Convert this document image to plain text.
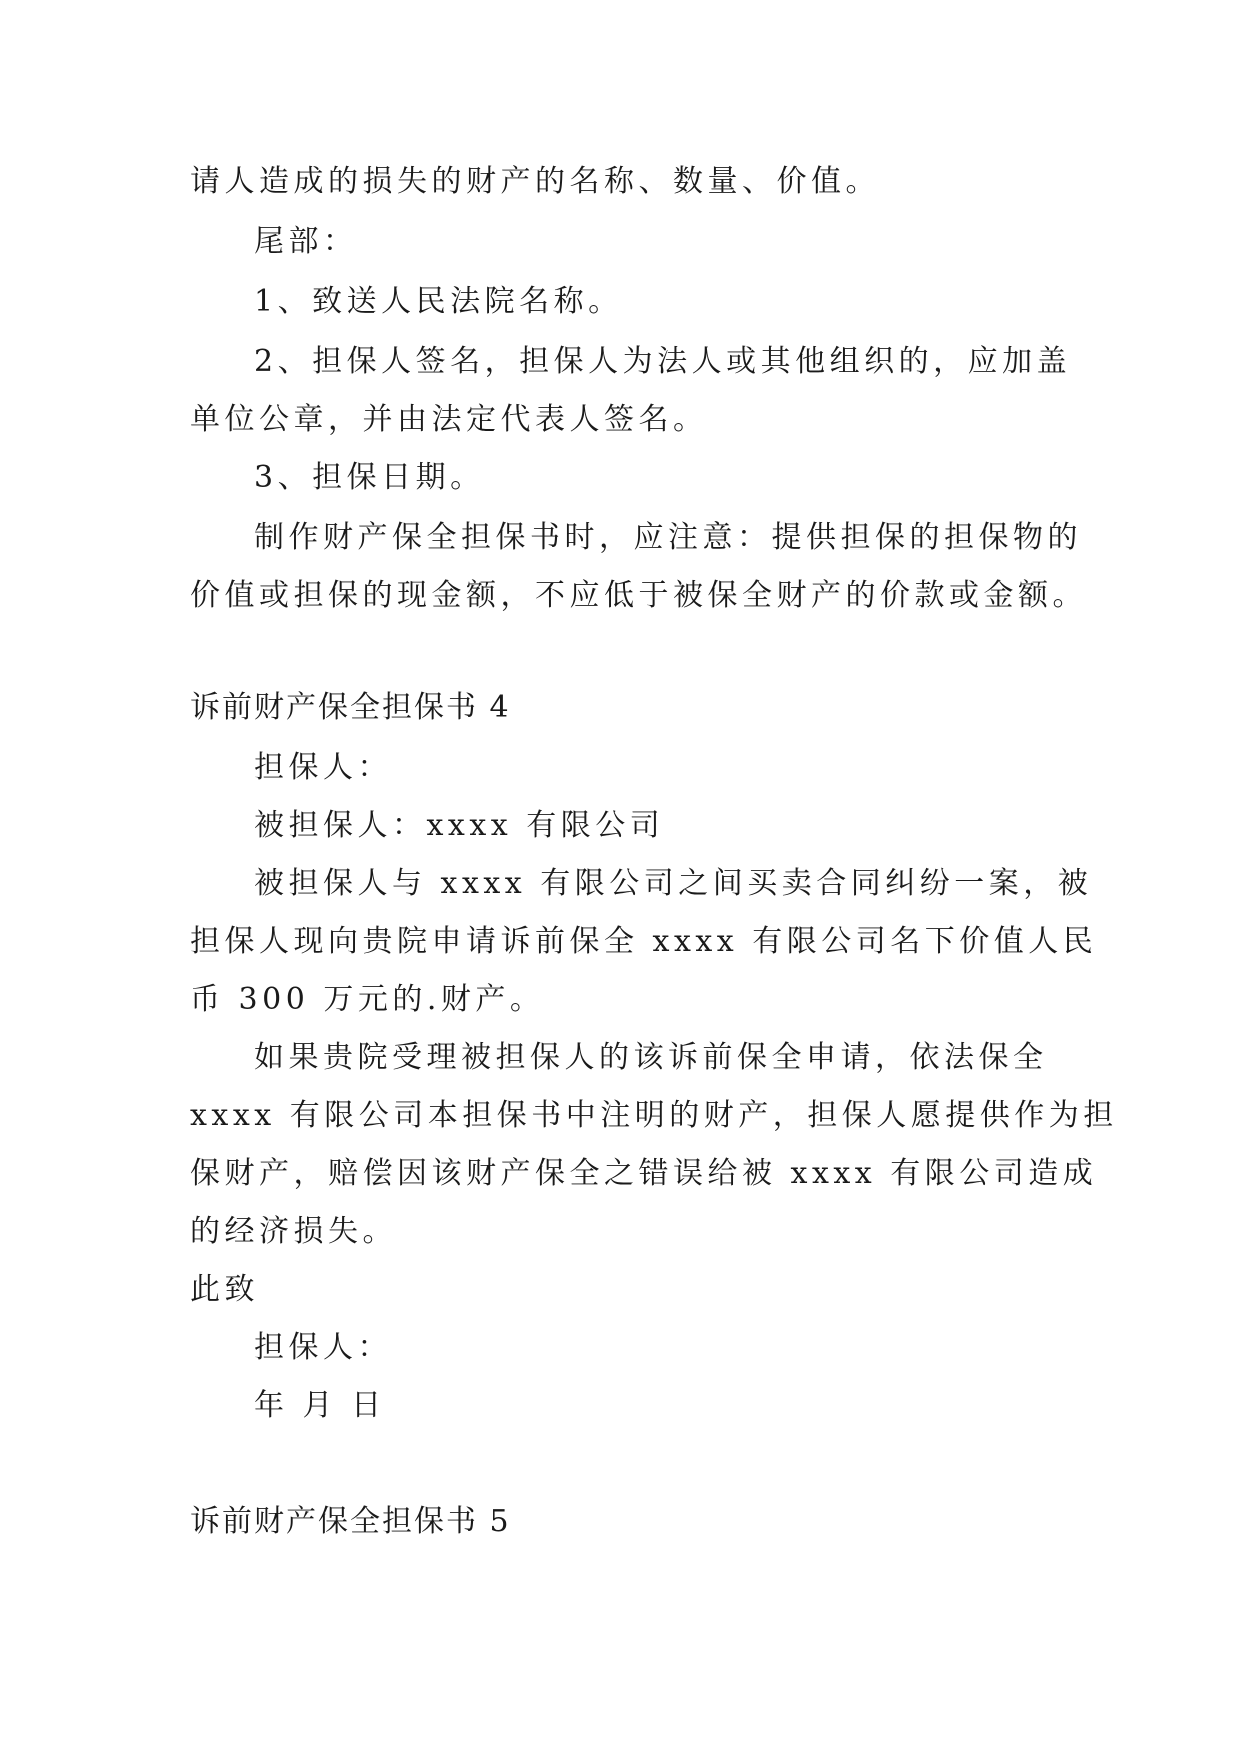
请人造成的损失的财产的名称、数量、价值。
尾部：
1、致送人民法院名称。
2、担保人签名，担保人为法人或其他组织的，应加盖
单位公章，并由法定代表人签名。
3、担保日期。
制作财产保全担保书时，应注意：提供担保的担保物的
价值或担保的现金额，不应低于被保全财产的价款或金额。
诉前财产保全担保书 4
担保人：
被担保人：xxxx 有限公司
被担保人与 xxxx 有限公司之间买卖合同纠纷一案，被
担保人现向贵院申请诉前保全 xxxx 有限公司名下价值人民
币 300 万元的.财产。
如果贵院受理被担保人的该诉前保全申请，依法保全
xxxx 有限公司本担保书中注明的财产，担保人愿提供作为担
保财产，赔偿因该财产保全之错误给被 xxxx 有限公司造成
的经济损失。
此致
担保人：
年 月 日
诉前财产保全担保书 5
